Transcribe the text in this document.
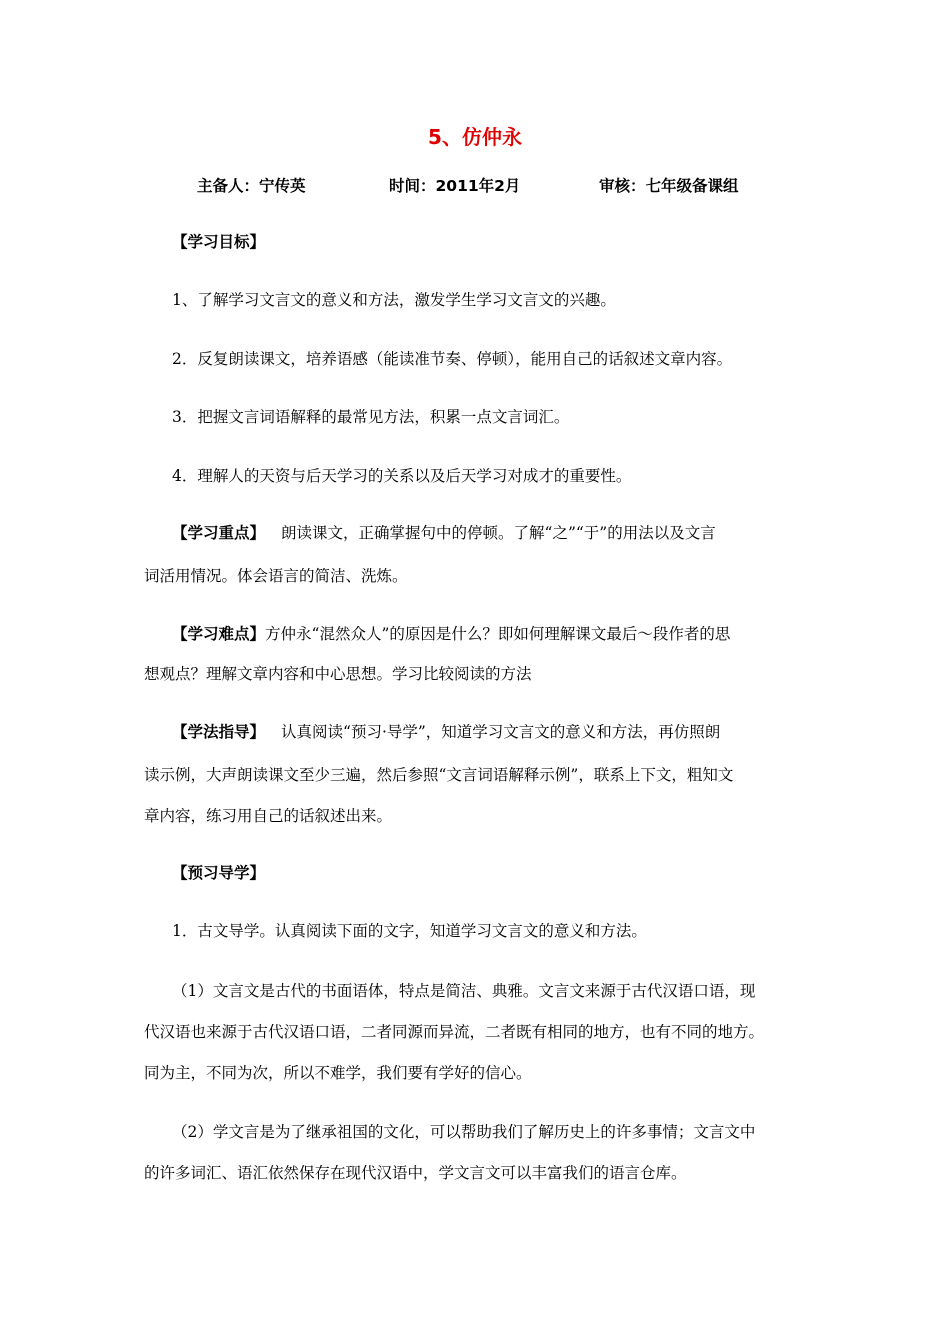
5、仿仲永
主备人：宁传英	时间：2011年2月	审核：七年级备课组
【学习目标】
1、了解学习文言文的意义和方法，激发学生学习文言文的兴趣。
2．反复朗读课文，培养语感（能读准节奏、停顿），能用自己的话叙述文章内容。
3．把握文言词语解释的最常见方法，积累一点文言词汇。
4．理解人的天资与后天学习的关系以及后天学习对成才的重要性。
【学习重点】 朗读课文，正确掌握句中的停顿。了解“之”“于”的用法以及文言
词活用情况。体会语言的简洁、洗炼。
【学习难点】方仲永“混然众人”的原因是什么？即如何理解课文最后～段作者的思
想观点？理解文章内容和中心思想。学习比较阅读的方法
【学法指导】 认真阅读“预习·导学”，知道学习文言文的意义和方法，再仿照朗
读示例，大声朗读课文至少三遍，然后参照“文言词语解释示例”，联系上下文，粗知文
章内容，练习用自己的话叙述出来。
【预习导学】
1．古文导学。认真阅读下面的文字，知道学习文言文的意义和方法。
（1）文言文是古代的书面语体，特点是简洁、典雅。文言文来源于古代汉语口语，现
代汉语也来源于古代汉语口语，二者同源而异流，二者既有相同的地方，也有不同的地方。
同为主，不同为次，所以不难学，我们要有学好的信心。
（2）学文言是为了继承祖国的文化，可以帮助我们了解历史上的许多事情；文言文中
的许多词汇、语汇依然保存在现代汉语中，学文言文可以丰富我们的语言仓库。
